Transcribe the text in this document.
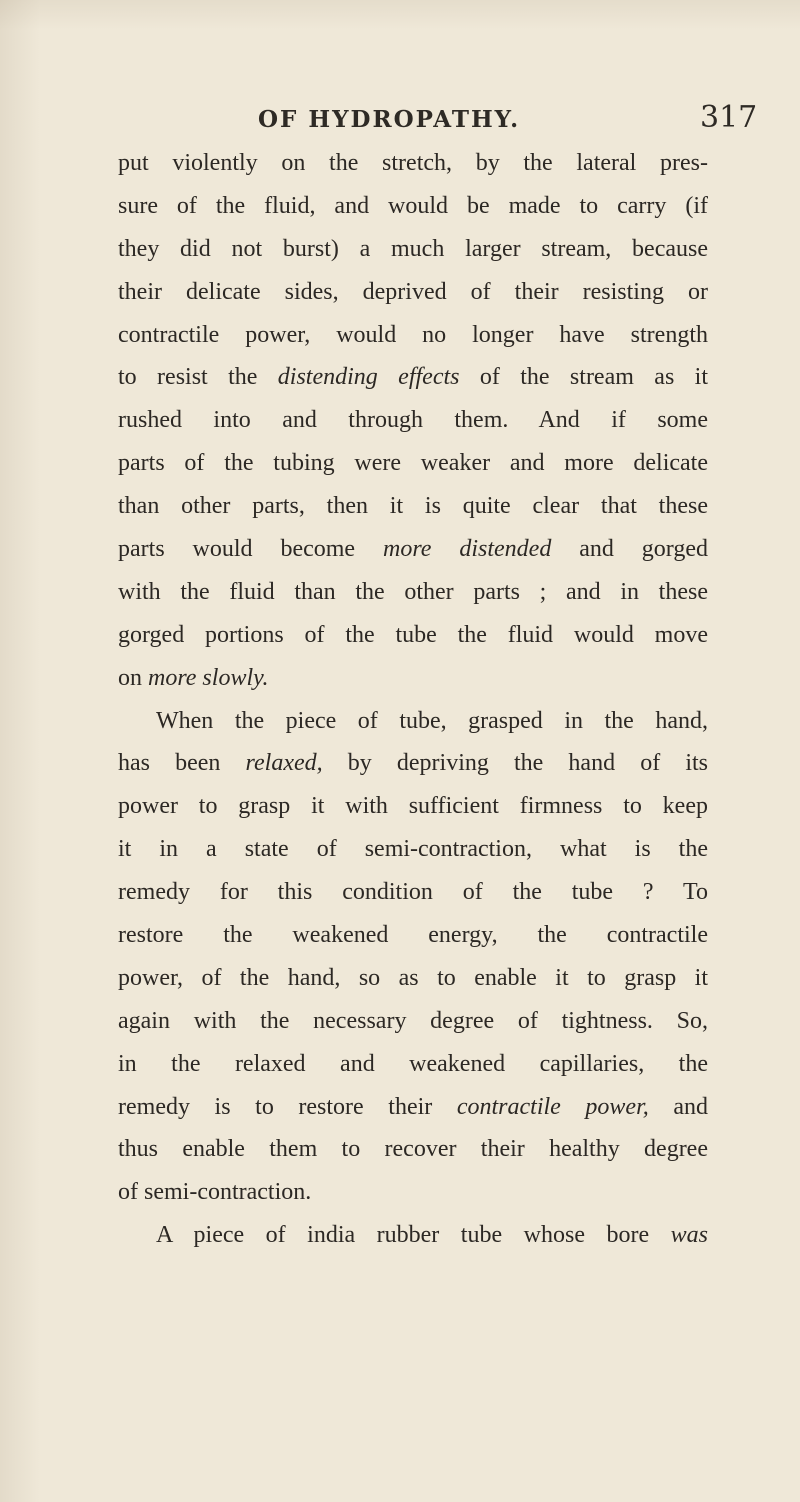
OF HYDROPATHY.	317
put violently on the stretch, by the lateral pres-
sure of the fluid, and would be made to carry (if
they did not burst) a much larger stream, because
their delicate sides, deprived of their resisting or
contractile power, would no longer have strength
to resist the distending effects of the stream as it
rushed into and through them. And if some
parts of the tubing were weaker and more delicate
than other parts, then it is quite clear that these
parts would become more distended and gorged
with the fluid than the other parts ; and in these
gorged portions of the tube the fluid would move
on more slowly.
When the piece of tube, grasped in the hand,
has been relaxed, by depriving the hand of its
power to grasp it with sufficient firmness to keep
it in a state of semi-contraction, what is the
remedy for this condition of the tube ? To
restore the weakened energy, the contractile
power, of the hand, so as to enable it to grasp it
again with the necessary degree of tightness. So,
in the relaxed and weakened capillaries, the
remedy is to restore their contractile power, and
thus enable them to recover their healthy degree
of semi-contraction.
A piece of india rubber tube whose bore was
